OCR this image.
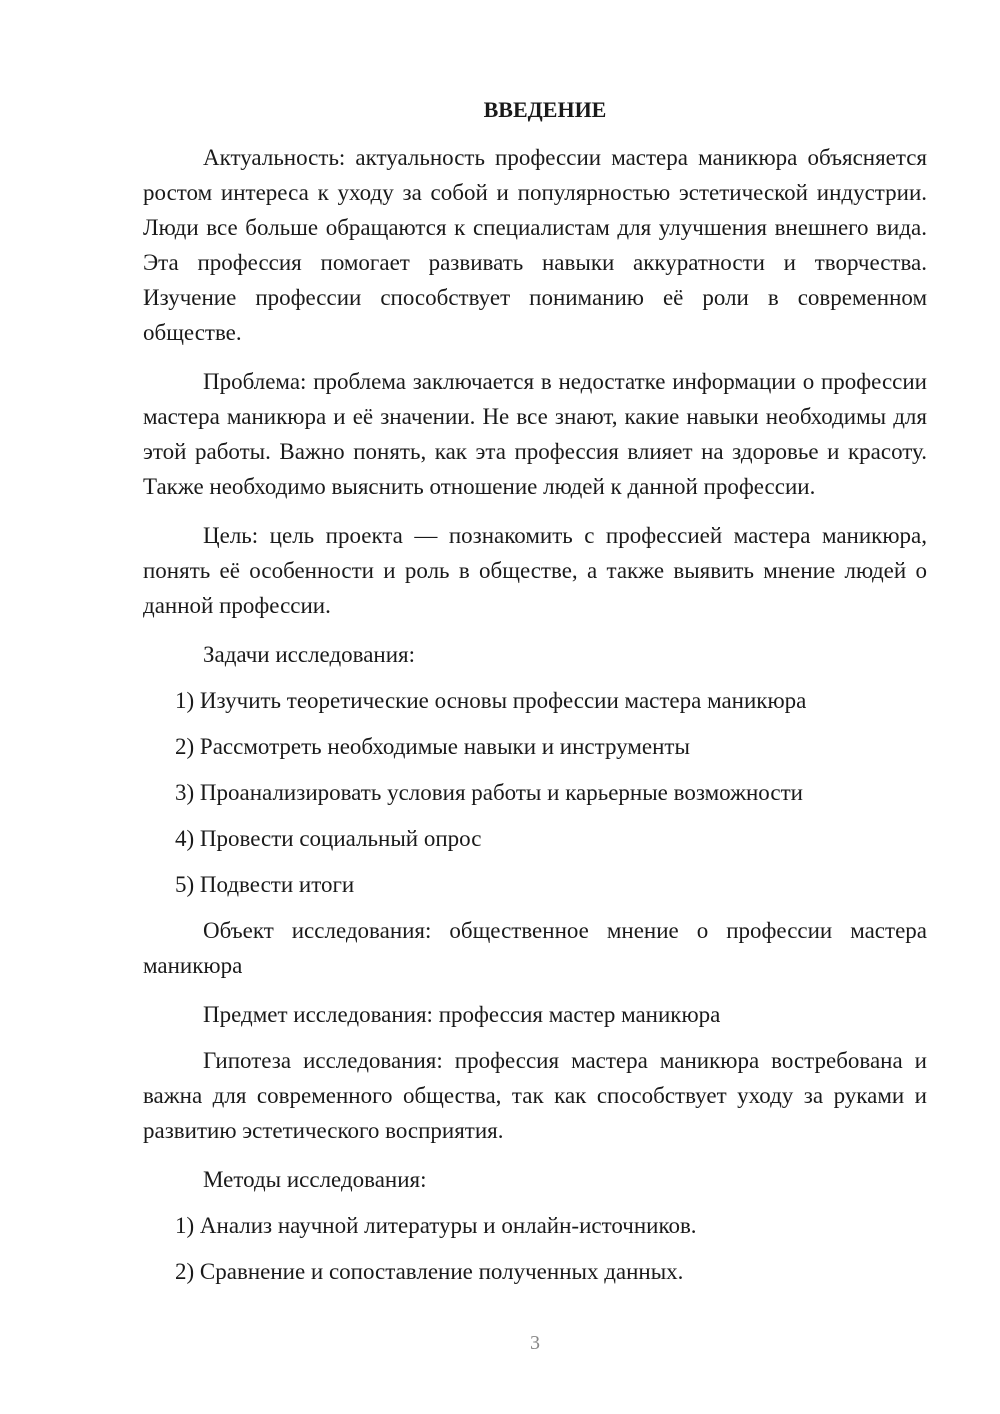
ВВЕДЕНИЕ

Актуальность: актуальность профессии мастера маникюра объясняется ростом интереса к уходу за собой и популярностью эстетической индустрии. Люди все больше обращаются к специалистам для улучшения внешнего вида. Эта профессия помогает развивать навыки аккуратности и творчества. Изучение профессии способствует пониманию её роли в современном обществе.

Проблема: проблема заключается в недостатке информации о профессии мастера маникюра и её значении. Не все знают, какие навыки необходимы для этой работы. Важно понять, как эта профессия влияет на здоровье и красоту. Также необходимо выяснить отношение людей к данной профессии.

Цель: цель проекта — познакомить с профессией мастера маникюра, понять её особенности и роль в обществе, а также выявить мнение людей о данной профессии.

Задачи исследования:
1) Изучить теоретические основы профессии мастера маникюра
2) Рассмотреть необходимые навыки и инструменты
3) Проанализировать условия работы и карьерные возможности
4) Провести социальный опрос
5) Подвести итоги

Объект исследования: общественное мнение о профессии мастера маникюра

Предмет исследования: профессия мастер маникюра

Гипотеза исследования: профессия мастера маникюра востребована и важна для современного общества, так как способствует уходу за руками и развитию эстетического восприятия.

Методы исследования:
1) Анализ научной литературы и онлайн-источников.
2) Сравнение и сопоставление полученных данных.
3
